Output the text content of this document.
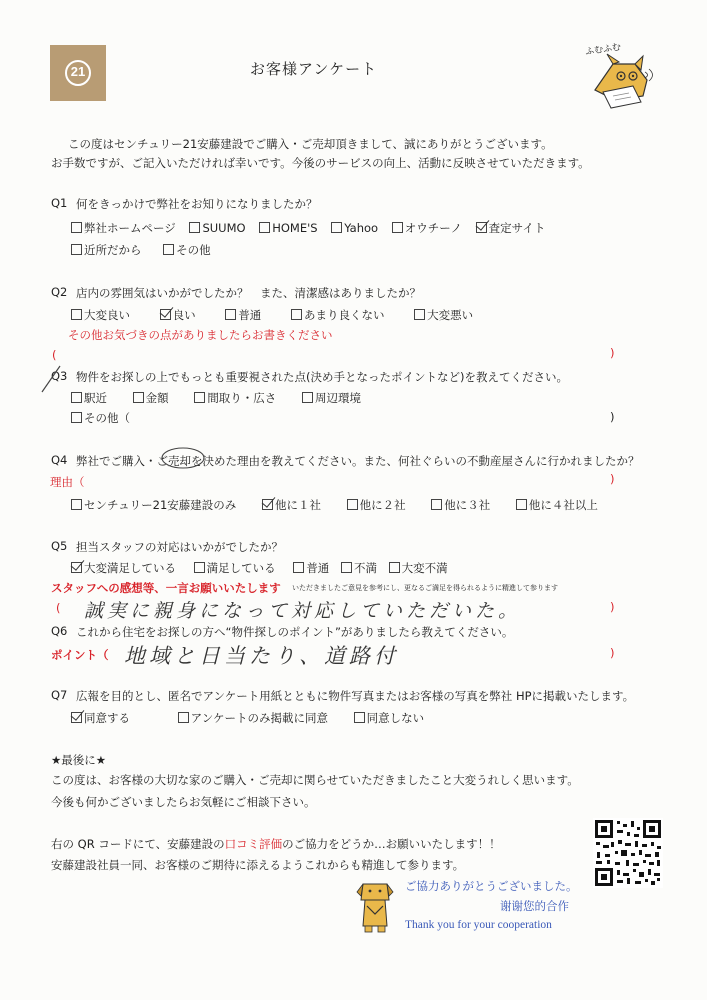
21	お客様アンケート
ふむふむ
この度はセンチュリー21安藤建設でご購入・ご売却頂きまして、誠にありがとうございます。
お手数ですが、ご記入いただければ幸いです。今後のサービスの向上、活動に反映させていただきます。
Q1 何をきっかけで弊社をお知りになりましたか？
弊社ホームページ SUUMO HOME'S Yahoo オウチーノ 査定サイト
近所だから	その他
Q2 店内の雰囲気はいかがでしたか？　また、清潔感はありましたか？
大変良い	良い	普通	あまり良くない	大変悪い
その他お気づきの点がありましたらお書きください
(	)
Q3 物件をお探しの上でもっとも重要視された点(決め手となったポイントなど)を教えてください。
駅近	金額	間取り・広さ	周辺環境
その他（	)
Q4 弊社でご購入・ご売却を決めた理由を教えてください。また、何社ぐらいの不動産屋さんに行かれましたか？
理由（	)
センチュリー21安藤建設のみ	他に１社	他に２社	他に３社	他に４社以上
Q5 担当スタッフの対応はいかがでしたか？
大変満足している	満足している	普通 不満 大変不満
スタッフへの感想等、一言お願いいたします いただきましたご意見を参考にし、更なるご満足を得られるように精進して参ります
( 誠実に親身になって対応していただいた。	)
Q6 これから住宅をお探しの方へ“物件探しのポイント”がありましたら教えてください。
ポイント（ 地域と日当たり、道路付	)
Q7 広報を目的とし、匿名でアンケート用紙とともに物件写真またはお客様の写真を弊社 HPに掲載いたします。
同意する	アンケートのみ掲載に同意	同意しない
★最後に★
この度は、お客様の大切な家のご購入・ご売却に関らせていただきましたこと大変うれしく思います。
今後も何かございましたらお気軽にご相談下さい。
右の QR コードにて、安藤建設の口コミ評価のご協力をどうか…お願いいたします！！
安藤建設社員一同、お客様のご期待に添えるようこれからも精進して参ります。
ご協力ありがとうございました。
谢谢您的合作
Thank you for your cooperation
